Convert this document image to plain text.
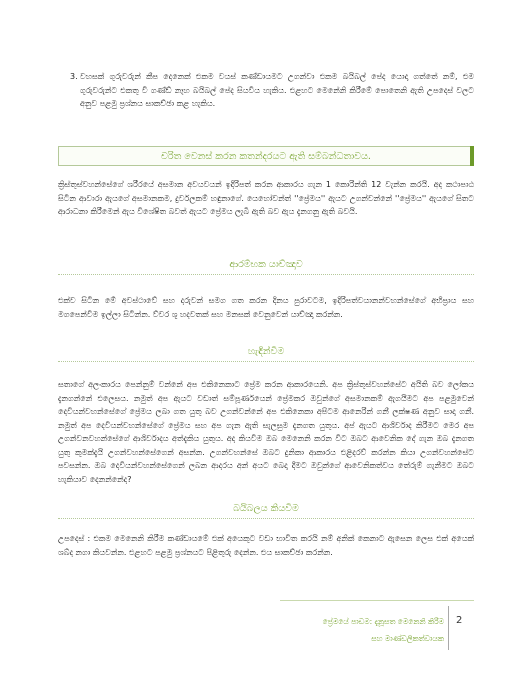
3. වහසක් ගුරුවරුන් කීප දෙනෙක් එකම වයස් කණ්ඩායමට උගන්වා එකම බයිබල් පේද යොදා ගත්තේ නම්, එම ගුරුවරුන්ට එකතු වී ගණ්ඩ් නෑහ බයිබල් පේද සියවීය හැකිය. එළහට මෙනේනි කිරීමේ ‍පොතෙනි ඇති උපදෙස් වලට අනුව පළමු ප්‍රශ්නය සාකච්ඡා කළ හැකිය.

චරිත වෙනස් කරන කතන්දරයට ඇති සම්බන්ධතාවය.

ක්‍රිස්තුස්වහන්සේගේ ශරීරයේ අසමාන අවයවයන් ඉදිරිපත් කරන ආකාරය ගැන 1 කොරින්ති 12 වැන්න කරයි. අද කථාපාඨ සිටින ආවාරා ඇයගේ අසමානකම, දුර්වලකම් හඳුනාගේ. යෙහෝවන්ත් ''ප්‍රේමය'' ඇයට උගන්වන්නේ ''ප්‍රේමය'' ඇයගේ සිතට ආරාධනා කිරීමෙන් ඇය විශේෂිත බවත් ඇයට ප්‍රේමය ලැබී ඇති බව ඇය දැනගනු ඇති බවයි.

ආරම්භක යාච්ඤාව

එක්ව සිටින මේ අවස්ථාවේ සහ දරුවන් සමග ගත කරන දිනය පුරාවටම, ඉදිරිපත්වයානන්වහන්සේගේ අභිප්‍රාය සහ මගපෙන්වීම ඉල්ලා සිටින්න. ව්වර ශු හදවතක් සහ මනසක් වෙනුවෙන් යාච්ඤා කරන්න.

හැඳින්වීම

සතාගේ අලංකාරය පෙන්නුම් වන්නේ අප එකිනෙකාට ප්‍රේම කරන ආකාරයෙනි. අප ක්‍රිස්තුස්වහන්සේට අයිති බව ලෝකය දැනගන්නේ එලෙසය. නමුත් අප ඇයට වඩාත් සම්පූර්ණයෙන් ප්‍රේමකර ඔවුන්ගේ අසමානකම් ඇගයීමට අප පළමුවෙන් දෙවියන්වහන්සේගේ ප්‍රේමය ලබා ගත යුතු බව උගන්වන්නේ අප එකිනෙකා අපිටම ආනෙරින් ගනී ලක්ෂණ අනුව සාදා ගනී. නමුත් අප දෙවියන්වහන්සේගේ ප්‍රේමය සහ අප ගැන ඇති සැලසුම දැනගත යුතුය. අප් ඇයට ආශිර්වාද කිරීමට මෙර අප උගන්වනවහන්සේගේ ආශිර්වාදය අත්දැකිය යුතුය. අද කියවීම ඔබ මෙනෙනි කරන විට ඔබට ආවෙනික දේ ගැන ඔබ දැනගත යුතු කුමක්දැයි උගන්වහන්සේගෙන් අසන්න. උගන්වහන්සේ ඔබට දුනිකා ආකාරය එළිදරව් කරන්න කියා උගන්වහන්සේට පවසන්න. ඔබ දෙවියන්වහන්සේගෙන් ලබන ආදරය අන් අයට බෙදා දීමට ඔවුන්ගේ ආවෙනිකත්වය තේරුම් ගැනීමට ඔබට හැකියාව දෙනන්නේද?

බයිබලය කියවීම

උපදෙස් : එකම මෙනෙනි කිරීම කණ්ඩායමේ එක් අයෙකුට වඩා භාවිත කරයි නම් අනික් කෙනාට ඇසෙන ලෙස එක් අයෙක් ශබ්ද නගා කියවන්න. එළහට පළමු ප්‍රශ්නයට පිළිතුරු දෙන්න. එය සාකච්ඡා කරන්න.

ප්‍රේමයේ පාඩම: දැනූසත මෙනෙනි කිරීම
සහ මාණ්ඩලිකත්වායක
2
